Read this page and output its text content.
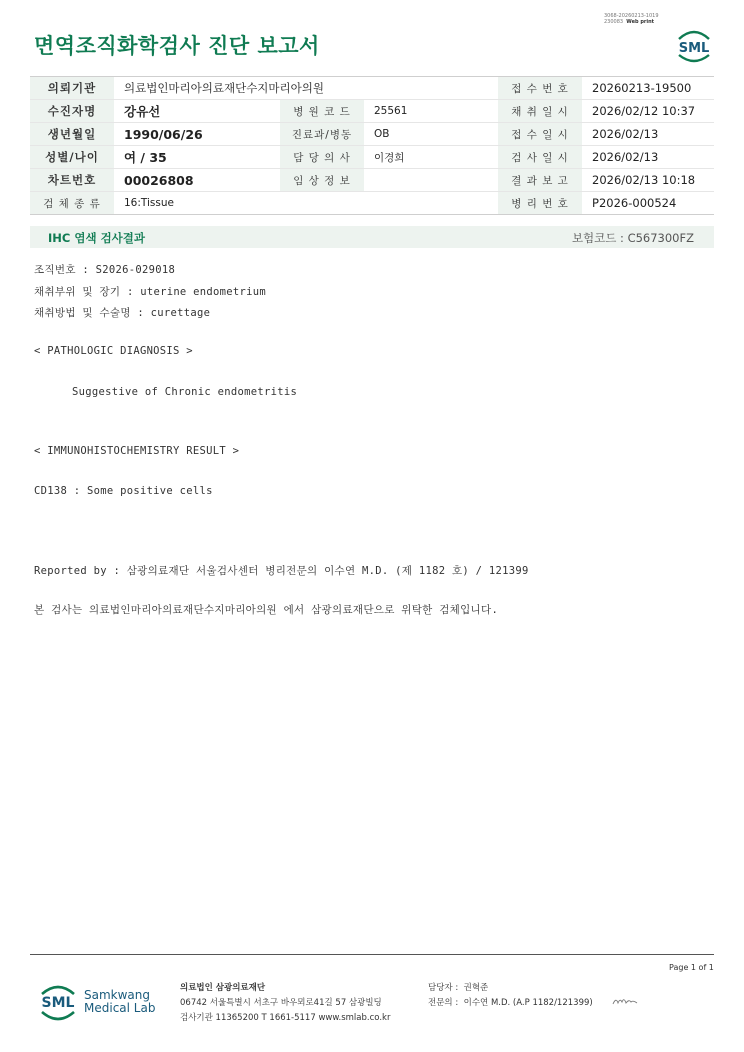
면역조직화학검사 진단 보고서
3068-20260213-1019
230083 Web print
SML
의뢰기관	의료법인마리아의료재단수지마리아의원			접 수 번 호	20260213-19500
수진자명	강유선	병 원 코 드	25561	채 취 일 시	2026/02/12 10:37
생년월일	1990/06/26	진료과/병동	OB	접 수 일 시	2026/02/13
성별/나이	여 / 35	담 당 의 사	이경희	검 사 일 시	2026/02/13
차트번호	00026808	임 상 정 보		결 과 보 고	2026/02/13 10:18
검 체 종 류	16:Tissue			병 리 번 호	P2026-000524
IHC 염색 검사결과	보험코드 : C567300FZ
조직번호 : S2026-029018
채취부위 및 장기 : uterine endometrium
채취방법 및 수술명 : curettage
< PATHOLOGIC DIAGNOSIS >
Suggestive of Chronic endometritis
< IMMUNOHISTOCHEMISTRY RESULT >
CD138 : Some positive cells
Reported by : 삼광의료재단 서울검사센터 병리전문의 이수연 M.D. (제 1182 호) / 121399
본 검사는 의료법인마리아의료재단수지마리아의원 에서 삼광의료재단으로 위탁한 검체입니다.
Page 1 of 1
SML Samkwang
Medical Lab
의료법인 삼광의료재단
06742 서울특별시 서초구 바우뫼로41길 57 삼광빌딩
검사기관 11365200 T 1661-5117 www.smlab.co.kr
담당자 : 권혁준
전문의 : 이수연 M.D. (A.P 1182/121399)
